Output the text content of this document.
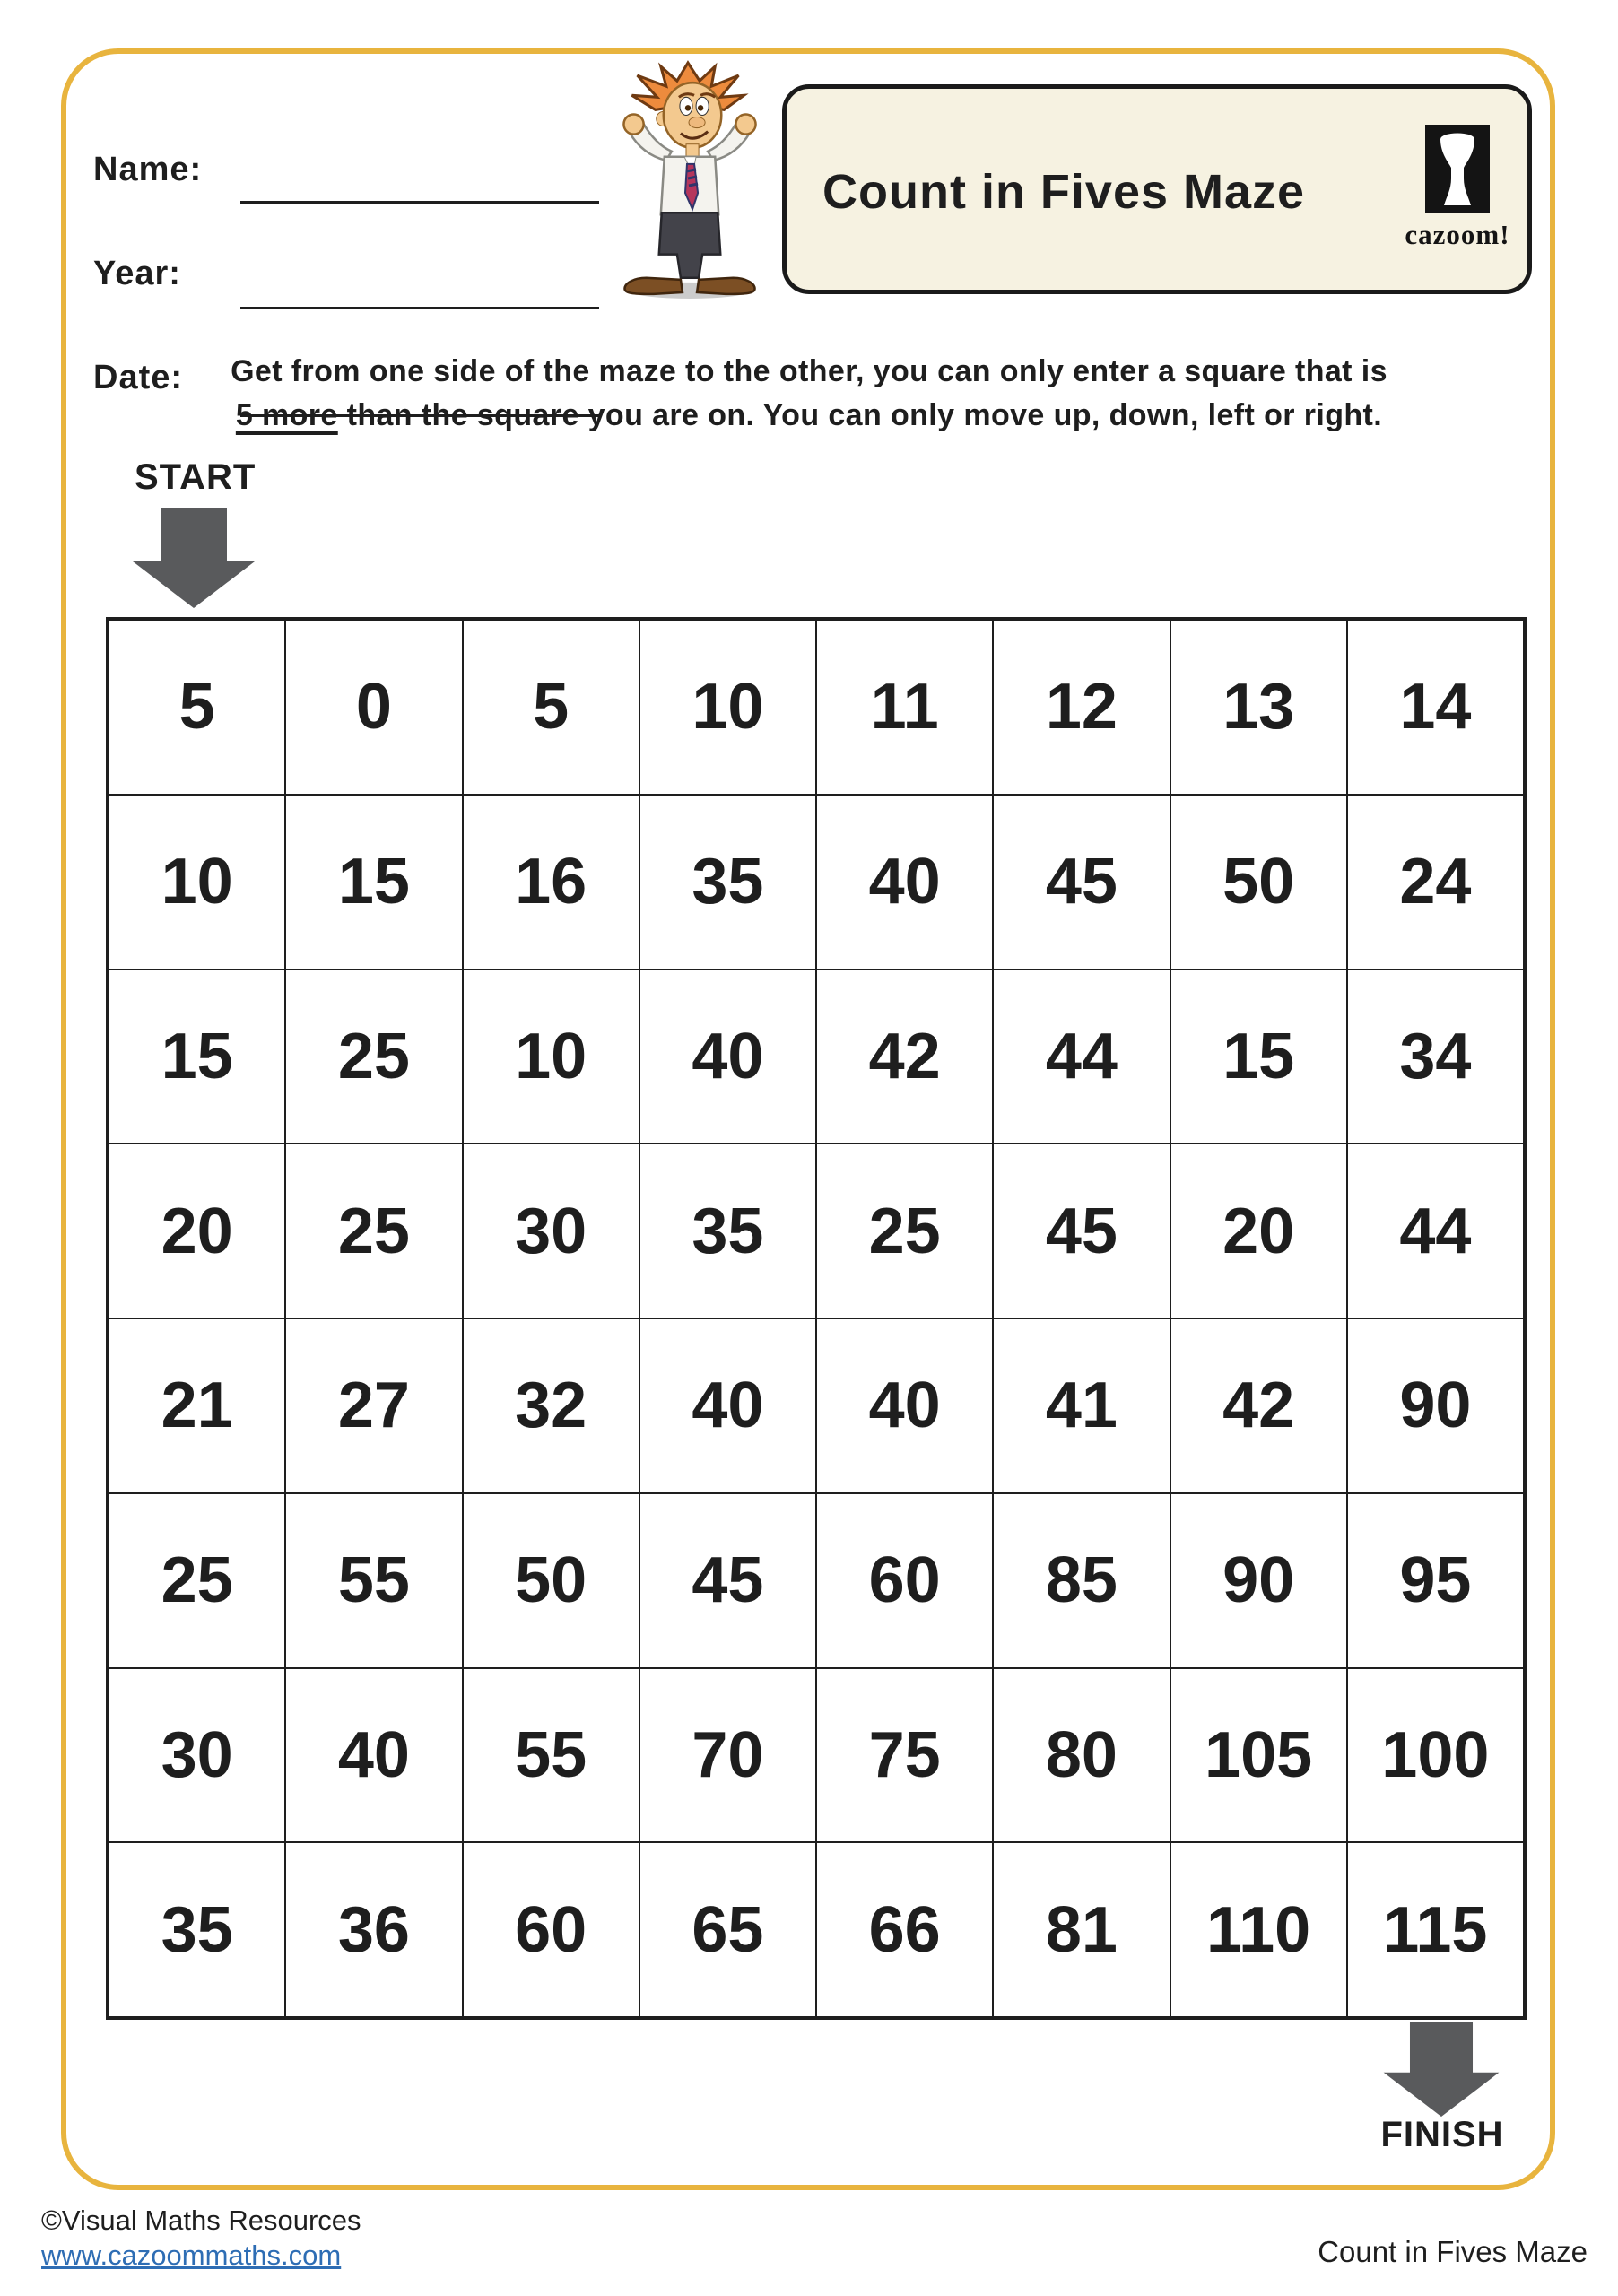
Name:
Year:
Date:
Count in Fives Maze
cazoom!
Get from one side of the maze to the other, you can only enter a square that is
5 more than the square you are on. You can only move up, down, left or right.
START
5	0	5	10	11	12	13	14
10	15	16	35	40	45	50	24
15	25	10	40	42	44	15	34
20	25	30	35	25	45	20	44
21	27	32	40	40	41	42	90
25	55	50	45	60	85	90	95
30	40	55	70	75	80	105	100
35	36	60	65	66	81	110	115
FINISH
©Visual Maths Resources
www.cazoommaths.com	Count in Fives Maze
